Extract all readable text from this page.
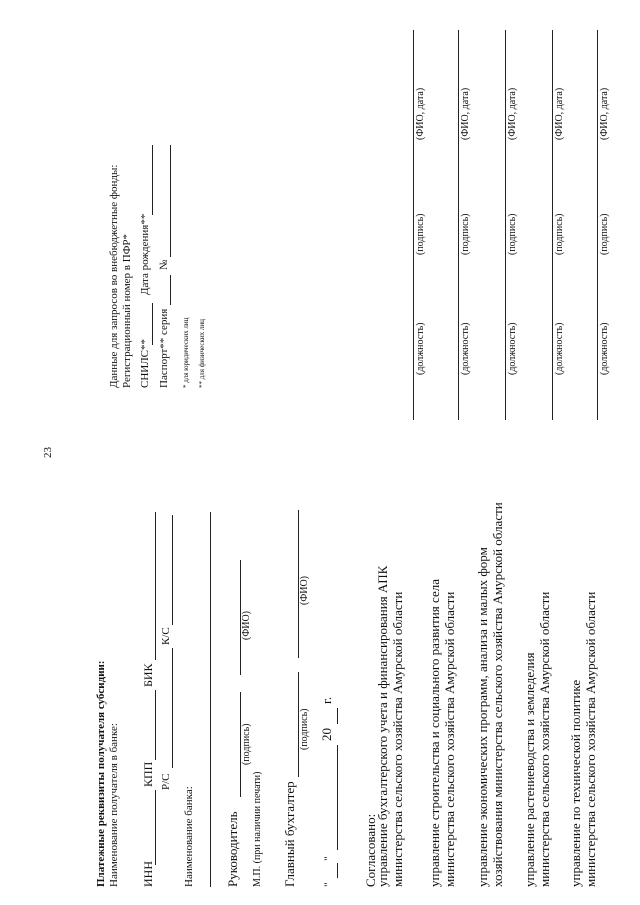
23
Платежные реквизиты получателя субсидии: Наименование получателя в банке: ИНН
КПП
БИК
Р/С
К/С
Наименование банка: Руководитель
(подпись)
(ФИО)
М.П. (при наличии печати) Главный бухгалтер
(подпись)
(ФИО)
"
"
20
г.
Согласовано:
управление бухгалтерского учета и финансирования АПК министерства сельского хозяйства Амурской области управление строительства и социального развития села министерства сельского хозяйства Амурской области управление экономических программ, анализа и малых форм хозяйствования министерства сельского хозяйства Амурской области управление растениеводства и земледелия министерства сельского хозяйства Амурской области управление по технической политике министерства сельского хозяйства Амурской области
Данные для запросов во внебюджетные фонды: Регистрационный номер в ПФР* СНИЛС**
Дата рождения**
Паспорт** серия
№
* для юридических лиц ** для физических лиц	(должность)
(подпись)
(ФИО, дата)
(должность)
(подпись)
(ФИО, дата)
(должность)
(подпись)
(ФИО, дата)
(должность)
(подпись)
(ФИО, дата)
(должность)
(подпись)
(ФИО, дата)
